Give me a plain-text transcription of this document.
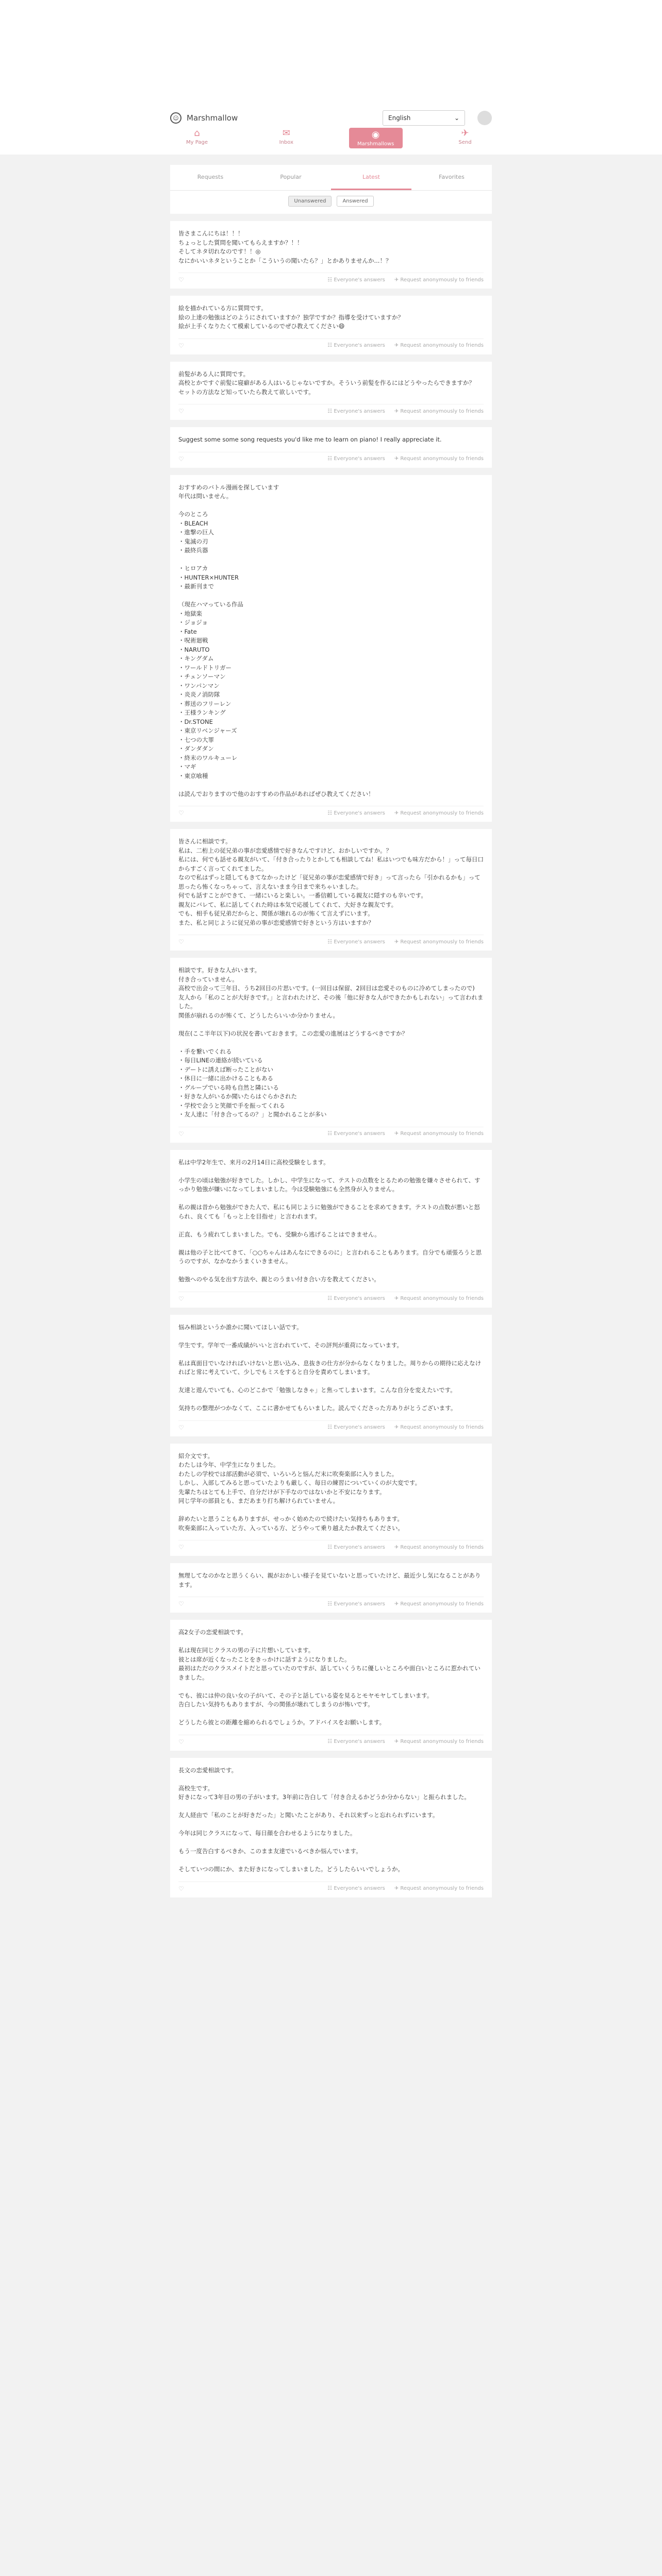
☺	Marshmallow	English	⌄
⌂
My Page
✉
Inbox
◉
Marshmallows
✈
Send
Requests	Popular	Latest	Favorites
Unanswered	Answered
皆さまこんにちは！！！
ちょっとした質問を聞いてもらえますか？！！
そしてネタ切れなのです！！◎
なにかいいネタということか「こういうの聞いたら？」とかありませんか...！？
♡	☷ Everyone's answers ✈ Request anonymously to friends
絵を描かれている方に質問です。
絵の上達の勉強はどのようにされていますか？独学ですか？指導を受けていますか？
絵が上手くなりたくて模索しているのでぜひ教えてください😄
♡	☷ Everyone's answers ✈ Request anonymously to friends
前髪がある人に質問です。
高校とかですぐ前髪に寝癖がある人はいるじゃないですか。そういう前髪を作るにはどうやったらできますか？
セットの方法など知っていたら教えて欲しいです。
♡	☷ Everyone's answers ✈ Request anonymously to friends
Suggest some some song requests you'd like me to learn on piano! I really appreciate it.
♡	☷ Everyone's answers ✈ Request anonymously to friends
おすすめのバトル漫画を探しています
年代は問いません。

今のところ
・BLEACH
・進撃の巨人
・鬼滅の刃
・最終兵器

・ヒロアカ
・HUNTER×HUNTER
・最新刊まで

（現在ハマっている作品
・地獄楽
・ジョジョ
・Fate
・呪術廻戦
・NARUTO
・キングダム
・ワールドトリガー
・チェンソーマン
・ワンパンマン
・炎炎ノ消防隊
・葬送のフリーレン
・王様ランキング
・Dr.STONE
・東京リベンジャーズ
・七つの大罪
・ダンダダン
・終末のワルキューレ
・マギ
・東京喰種

は読んでおりますので他のおすすめの作品があればぜひ教えてください！
♡	☷ Everyone's answers ✈ Request anonymously to friends
皆さんに相談です。
私は、二桁上の従兄弟の事が恋愛感情で好きなんですけど、おかしいですか。？
私には、何でも話せる親友がいて、「付き合ったりとかしても相談してね！私はいつでも味方だから！」って毎日口からすごく言ってくれてました。
なので私はずっと隠してもきてなかったけど「従兄弟の事が恋愛感情で好き」って言ったら「引かれるかも」って思ったら怖くなっちゃって、言えないまま今日まで来ちゃいました。
何でも話すことができて、一緒にいると楽しい。一番信頼している親友に隠すのも辛いです。
親友にバレて、私に話してくれた時は本気で応援してくれて、大好きな親友です。
でも、相手も従兄弟だからと、関係が壊れるのが怖くて言えずにいます。
また、私と同じように従兄弟の事が恋愛感情で好きという方はいますか？
♡	☷ Everyone's answers ✈ Request anonymously to friends
相談です。好きな人がいます。
付き合っていません。
高校で出会って三年目、うち2回目の片思いです。(一回目は保留、2回目は恋愛そのものに冷めてしまったので)
友人から「私のことが大好きです。」と言われたけど、その後「他に好きな人ができたかもしれない」って言われました。
関係が崩れるのが怖くて、どうしたらいいか分かりません。

現在(ここ半年以下)の状況を書いておきます。この恋愛の進展はどうするべきですか？

・手を繋いでくれる
・毎日LINEの連絡が続いている
・デートに誘えば断ったことがない
・休日に一緒に出かけることもある
・グループでいる時も自然と隣にいる
・好きな人がいるか聞いたらはぐらかされた
・学校で会うと笑顔で手を振ってくれる
・友人達に「付き合ってるの？」と聞かれることが多い
♡	☷ Everyone's answers ✈ Request anonymously to friends
私は中学2年生で、来月の2月14日に高校受験をします。

小学生の頃は勉強が好きでした。しかし、中学生になって、テストの点数をとるための勉強を嫌々させられて、すっかり勉強が嫌いになってしまいました。今は受験勉強にも全然身が入りません。

私の親は昔から勉強ができた人で、私にも同じように勉強ができることを求めてきます。テストの点数が悪いと怒られ、良くても「もっと上を目指せ」と言われます。

正直、もう疲れてしまいました。でも、受験から逃げることはできません。

親は他の子と比べてきて、「○○ちゃんはあんなにできるのに」と言われることもあります。自分でも頑張ろうと思うのですが、なかなかうまくいきません。

勉強へのやる気を出す方法や、親とのうまい付き合い方を教えてください。
♡	☷ Everyone's answers ✈ Request anonymously to friends
悩み相談というか誰かに聞いてほしい話です。

学生です。学年で一番成績がいいと言われていて、その評判が重荷になっています。

私は真面目でいなければいけないと思い込み、息抜きの仕方が分からなくなりました。周りからの期待に応えなければと常に考えていて、少しでもミスをすると自分を責めてしまいます。

友達と遊んでいても、心のどこかで「勉強しなきゃ」と焦ってしまいます。こんな自分を変えたいです。

気持ちの整理がつかなくて、ここに書かせてもらいました。読んでくださった方ありがとうございます。
♡	☷ Everyone's answers ✈ Request anonymously to friends
紹介文です。
わたしは今年、中学生になりました。
わたしの学校では部活動が必須で、いろいろと悩んだ末に吹奏楽部に入りました。
しかし、入部してみると思っていたよりも厳しく、毎日の練習についていくのが大変です。
先輩たちはとても上手で、自分だけが下手なのではないかと不安になります。
同じ学年の部員とも、まだあまり打ち解けられていません。

辞めたいと思うこともありますが、せっかく始めたので続けたい気持ちもあります。
吹奏楽部に入っていた方、入っている方、どうやって乗り越えたか教えてください。
♡	☷ Everyone's answers ✈ Request anonymously to friends
無理してなのかなと思うくらい、親がおかしい様子を見ていないと思っていたけど、最近少し気になることがあります。
♡	☷ Everyone's answers ✈ Request anonymously to friends
高2女子の恋愛相談です。

私は現在同じクラスの男の子に片想いしています。
彼とは席が近くなったことをきっかけに話すようになりました。
最初はただのクラスメイトだと思っていたのですが、話していくうちに優しいところや面白いところに惹かれていきました。

でも、彼には仲の良い女の子がいて、その子と話している姿を見るとモヤモヤしてしまいます。
告白したい気持ちもありますが、今の関係が壊れてしまうのが怖いです。

どうしたら彼との距離を縮められるでしょうか。アドバイスをお願いします。
♡	☷ Everyone's answers ✈ Request anonymously to friends
長文の恋愛相談です。

高校生です。
好きになって3年目の男の子がいます。3年前に告白して「付き合えるかどうか分からない」と振られました。

友人経由で「私のことが好きだった」と聞いたことがあり、それ以来ずっと忘れられずにいます。

今年は同じクラスになって、毎日顔を合わせるようになりました。

もう一度告白するべきか、このまま友達でいるべきか悩んでいます。

そしていつの間にか、また好きになってしまいました。どうしたらいいでしょうか。
♡	☷ Everyone's answers ✈ Request anonymously to friends
